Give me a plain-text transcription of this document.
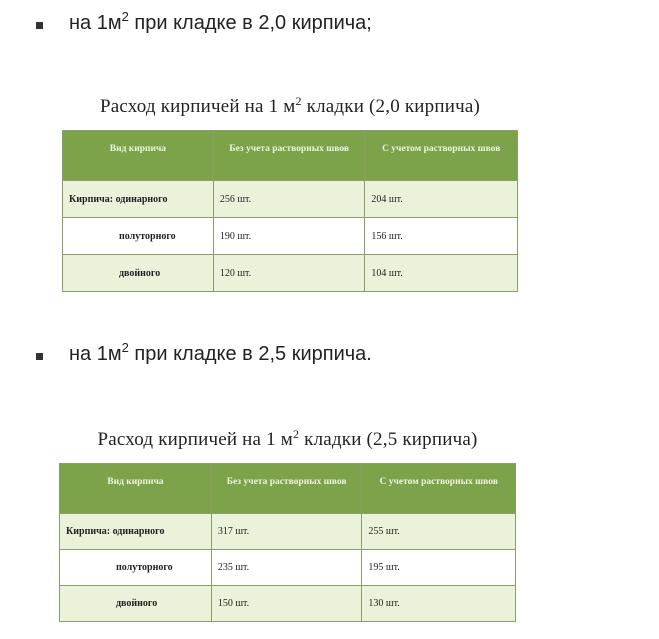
на $1м^2$ при кладке в 2,0 кирпича;
Расход кирпичей на 1 $м^2$ кладки (2,0 кирпича)
Вид кирпича	Без учета растворных швов	С учетом растворных швов
Кирпича: одинарного	256 шт.	204 шт.
полуторного	190 шт.	156 шт.
двойного	120 шт.	104 шт.
на $1м^2$ при кладке в 2,5 кирпича.
Расход кирпичей на 1 $м^2$ кладки (2,5 кирпича)
Вид кирпича	Без учета растворных швов	С учетом растворных швов
Кирпича: одинарного	317 шт.	255 шт.
полуторного	235 шт.	195 шт.
двойного	150 шт.	130 шт.
